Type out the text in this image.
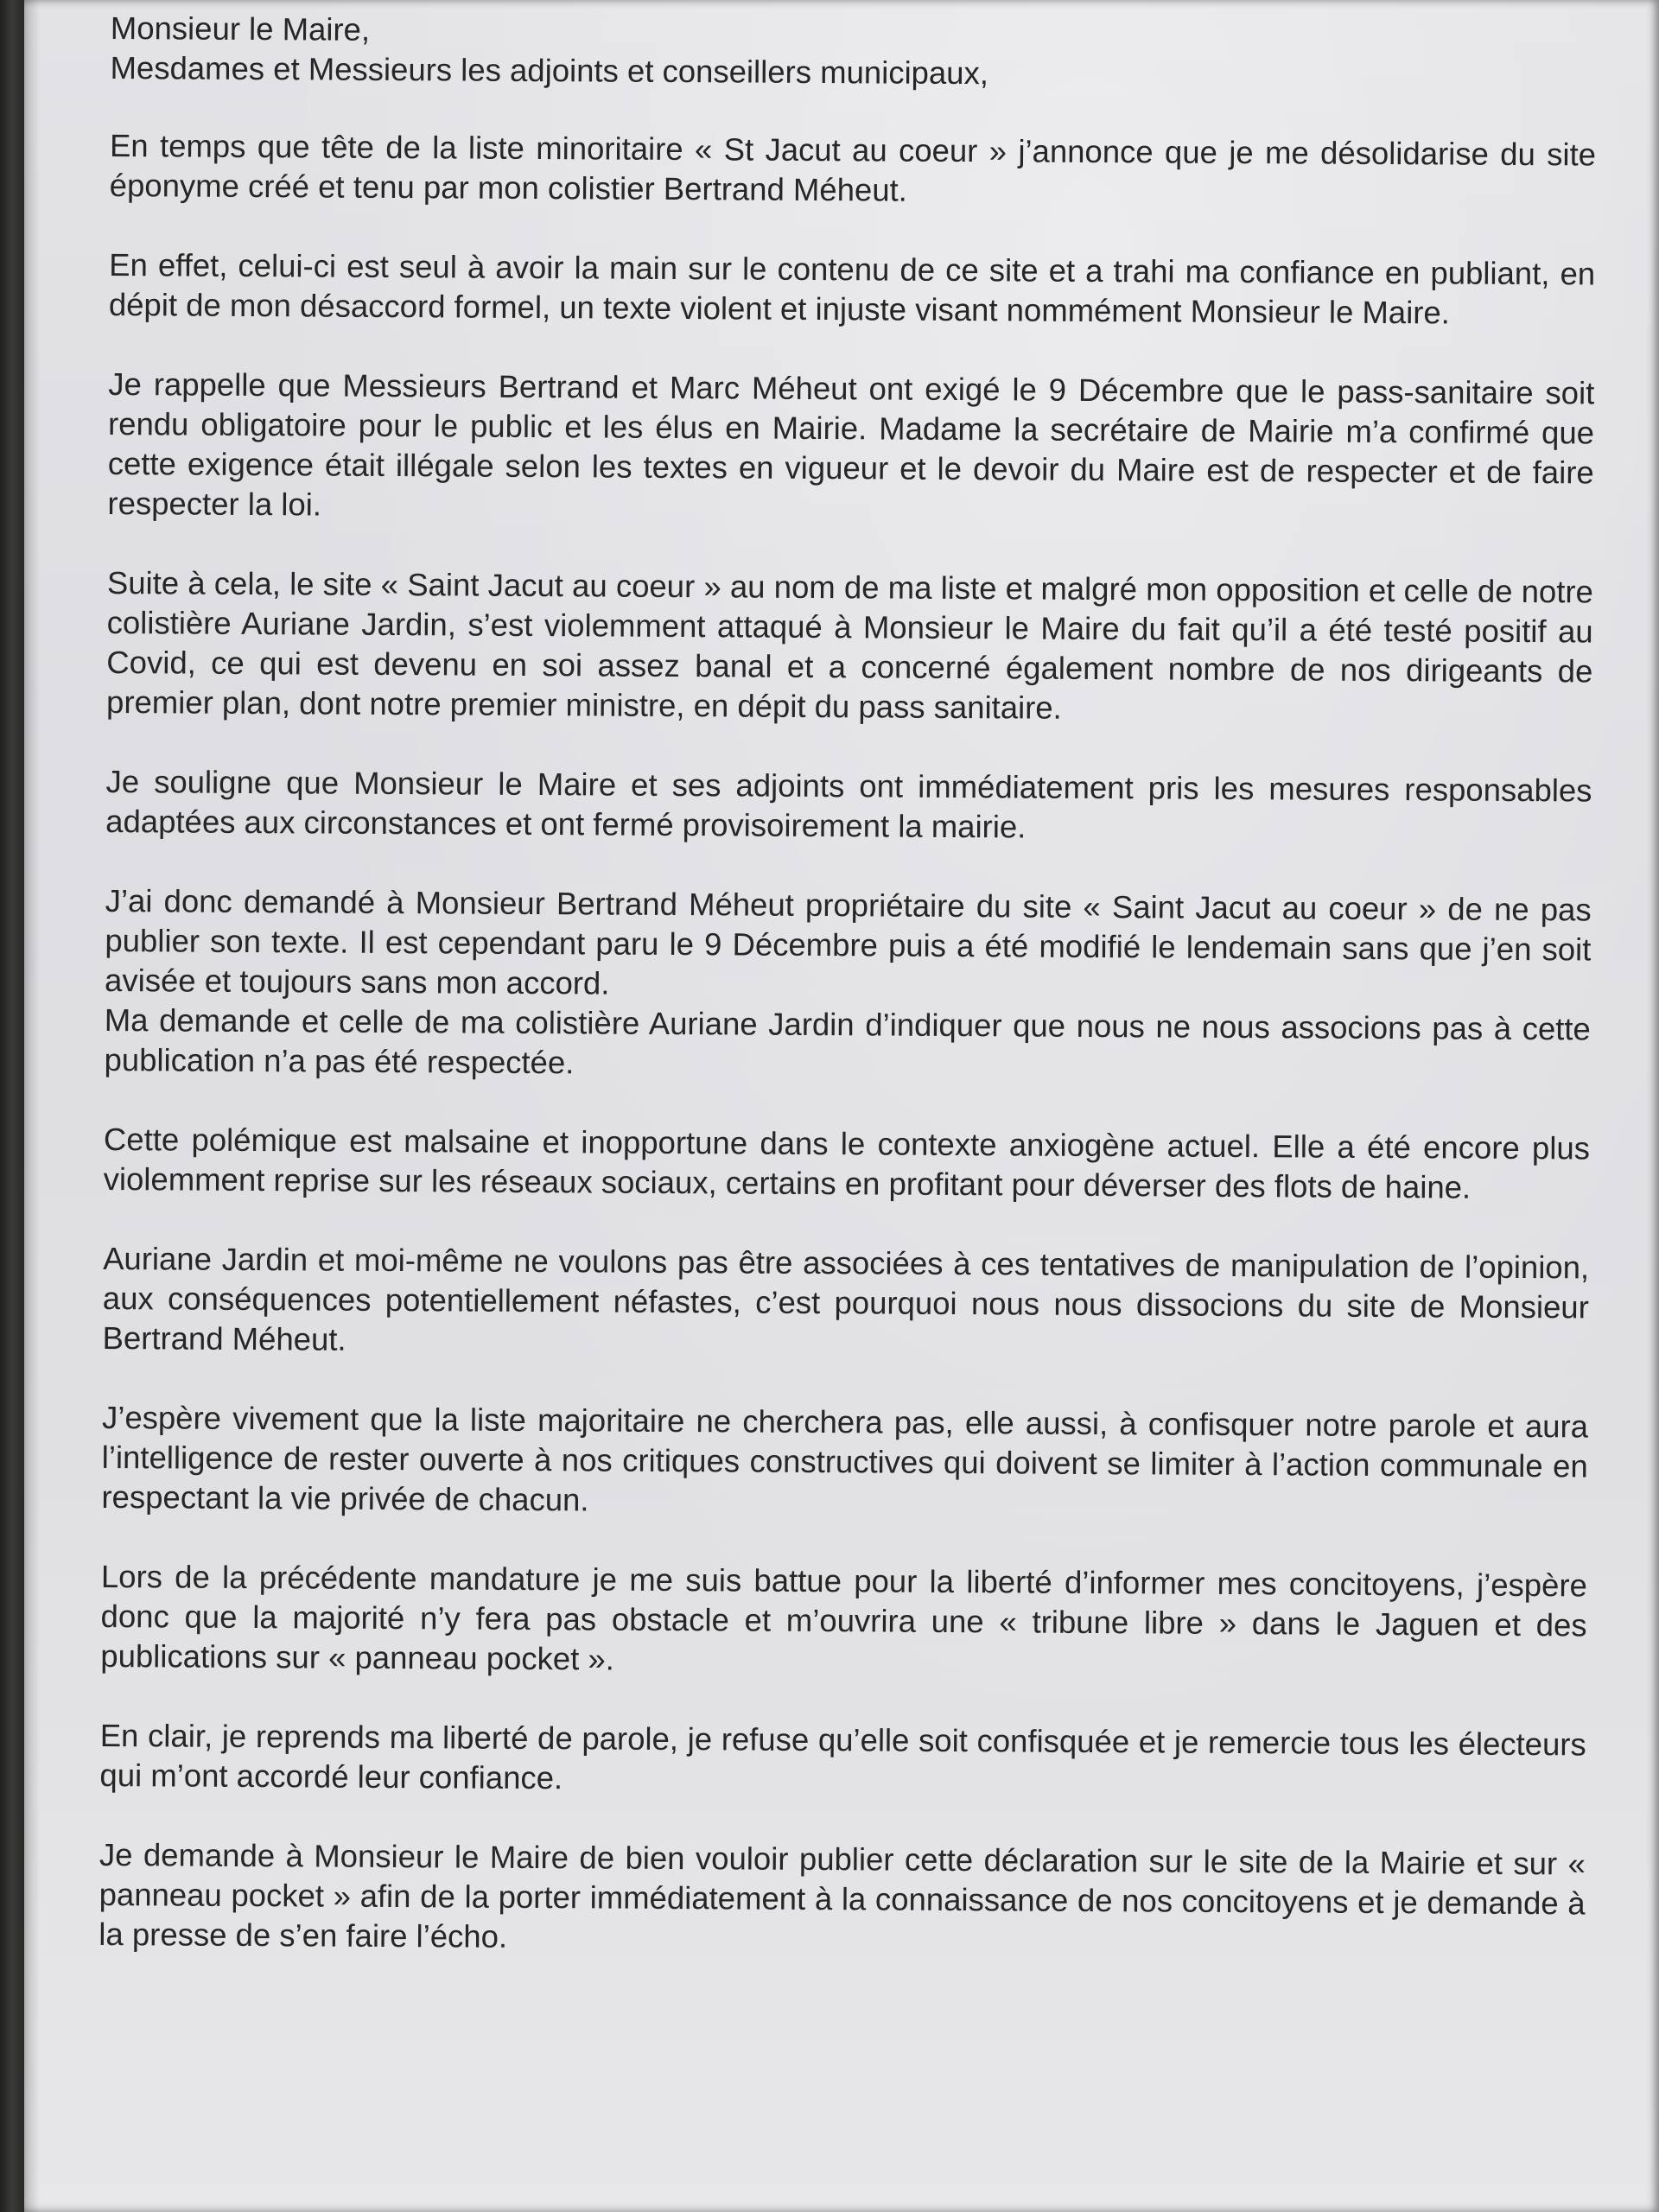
Monsieur le Maire,

Mesdames et Messieurs les adjoints et conseillers municipaux,

En temps que tête de la liste minoritaire « St Jacut au coeur » j’annonce que je me désolidarise du site éponyme créé et tenu par mon colistier Bertrand Méheut.

En effet, celui-ci est seul à avoir la main sur le contenu de ce site et a trahi ma confiance en publiant, en dépit de mon désaccord formel, un texte violent et injuste visant nommément Monsieur le Maire.

Je rappelle que Messieurs Bertrand et Marc Méheut ont exigé le 9 Décembre que le pass-sanitaire soit rendu obligatoire pour le public et les élus en Mairie. Madame la secrétaire de Mairie m’a confirmé que cette exigence était illégale selon les textes en vigueur et le devoir du Maire est de respecter et de faire respecter la loi.

Suite à cela, le site « Saint Jacut au coeur » au nom de ma liste et malgré mon opposition et celle de notre colistière Auriane Jardin, s’est violemment attaqué à Monsieur le Maire du fait qu’il a été testé positif au Covid, ce qui est devenu en soi assez banal et a concerné également nombre de nos dirigeants de premier plan, dont notre premier ministre, en dépit du pass sanitaire.

Je souligne que Monsieur le Maire et ses adjoints ont immédiatement pris les mesures responsables adaptées aux circonstances et ont fermé provisoirement la mairie.

J’ai donc demandé à Monsieur Bertrand Méheut propriétaire du site « Saint Jacut au coeur » de ne pas publier son texte. Il est cependant paru le 9 Décembre puis a été modifié le lendemain sans que j’en soit avisée et toujours sans mon accord.

Ma demande et celle de ma colistière Auriane Jardin d’indiquer que nous ne nous associons pas à cette publication n’a pas été respectée.

Cette polémique est malsaine et inopportune dans le contexte anxiogène actuel. Elle a été encore plus violemment reprise sur les réseaux sociaux, certains en profitant pour déverser des flots de haine.

Auriane Jardin et moi-même ne voulons pas être associées à ces tentatives de manipulation de l’opinion, aux conséquences potentiellement néfastes, c’est pourquoi nous nous dissocions du site de Monsieur Bertrand Méheut.

J’espère vivement que la liste majoritaire ne cherchera pas, elle aussi, à confisquer notre parole et aura l’intelligence de rester ouverte à nos critiques constructives qui doivent se limiter à l’action communale en respectant la vie privée de chacun.

Lors de la précédente mandature je me suis battue pour la liberté d’informer mes concitoyens, j’espère donc que la majorité n’y fera pas obstacle et m’ouvrira une « tribune libre » dans le Jaguen et des publications sur « panneau pocket ».

En clair, je reprends ma liberté de parole, je refuse qu’elle soit confisquée et je remercie tous les électeurs qui m’ont accordé leur confiance.

Je demande à Monsieur le Maire de bien vouloir publier cette déclaration sur le site de la Mairie et sur « panneau pocket » afin de la porter immédiatement à la connaissance de nos concitoyens et je demande à la presse de s’en faire l’écho.
